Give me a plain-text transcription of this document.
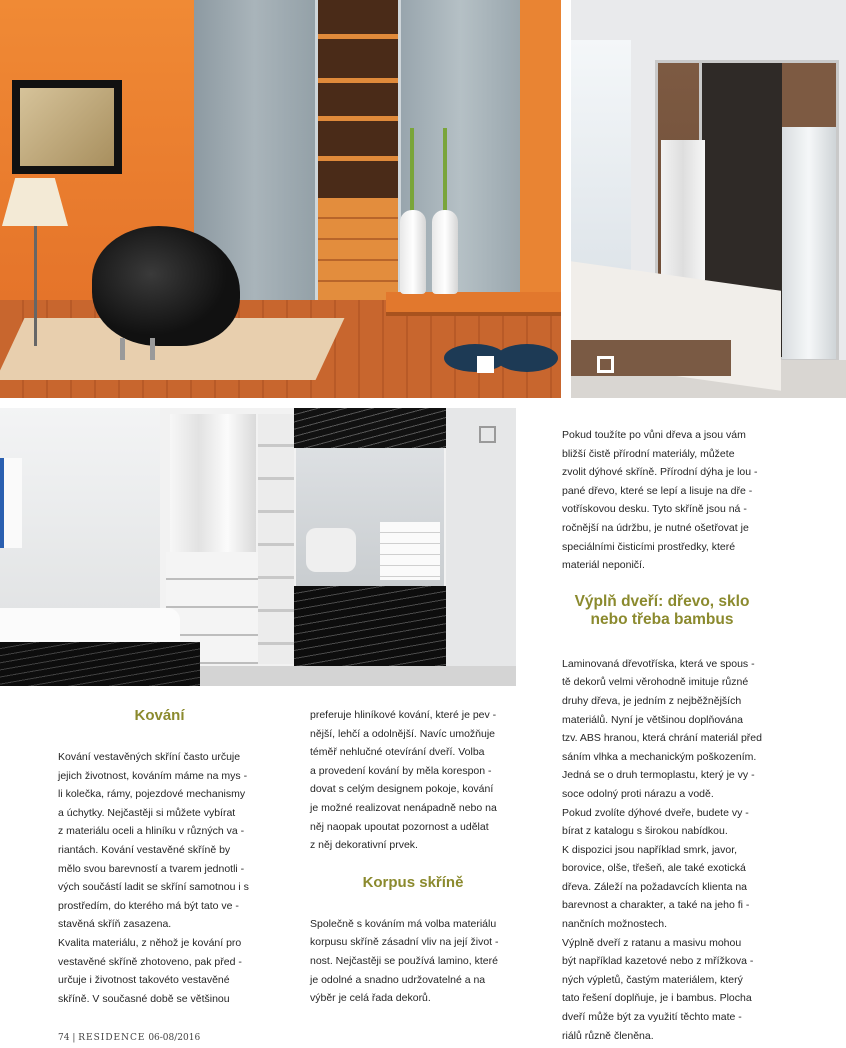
Kování
Kování vestavěných skříní často určuje
jejich životnost, kováním máme na mys -
li kolečka, rámy, pojezdové mechanismy
a úchytky. Nejčastěji si můžete vybírat
z materiálu oceli a hliníku v různých va -
riantách. Kování vestavěné skříně by
mělo svou barevností a tvarem jednotli -
vých součástí ladit se skříní samotnou i s
prostředím, do kterého má být tato ve -
stavěná skříň zasazena.
Kvalita materiálu, z něhož je kování pro
vestavěné skříně zhotoveno, pak před -
určuje i životnost takovéto vestavěné
skříně. V současné době se většinou
preferuje hliníkové kování, které je pev -
nější, lehčí a odolnější. Navíc umožňuje
téměř nehlučné otevírání dveří. Volba
a provedení kování by měla korespon -
dovat s celým designem pokoje, kování
je možné realizovat nenápadně nebo na
něj naopak upoutat pozornost a udělat
z něj dekorativní prvek.
Korpus skříně
Společně s kováním má volba materiálu
korpusu skříně zásadní vliv na její život -
nost. Nejčastěji se používá lamino, které
je odolné a snadno udržovatelné a na
výběr je celá řada dekorů.
Pokud toužíte po vůni dřeva a jsou vám
bližší čistě přírodní materiály, můžete
zvolit dýhové skříně. Přírodní dýha je lou -
pané dřevo, které se lepí a lisuje na dře -
votřískovou desku. Tyto skříně jsou ná -
ročnější na údržbu, je nutné ošetřovat je
speciálními čisticími prostředky, které
materiál neponičí.
Výplň dveří: dřevo, sklo
nebo třeba bambus
Laminovaná dřevotříska, která ve spous -
tě dekorů velmi věrohodně imituje různé
druhy dřeva, je jedním z nejběžnějších
materiálů. Nyní je většinou doplňována
tzv. ABS hranou, která chrání materiál před
sáním vlhka a mechanickým poškozením.
Jedná se o druh termoplastu, který je vy -
soce odolný proti nárazu a vodě.
Pokud zvolíte dýhové dveře, budete vy -
bírat z katalogu s širokou nabídkou.
K dispozici jsou například smrk, javor,
borovice, olše, třešeň, ale také exotická
dřeva. Záleží na požadavcích klienta na
barevnost a charakter, a také na jeho fi -
nančních možnostech.
Výplně dveří z ratanu a masivu mohou
být například kazetové nebo z mřížkova -
ných výpletů, častým materiálem, který
tato řešení doplňuje, je i bambus. Plocha
dveří může být za využití těchto mate -
riálů různě členěna.
74 | RESIDENCE 06-08/2016
